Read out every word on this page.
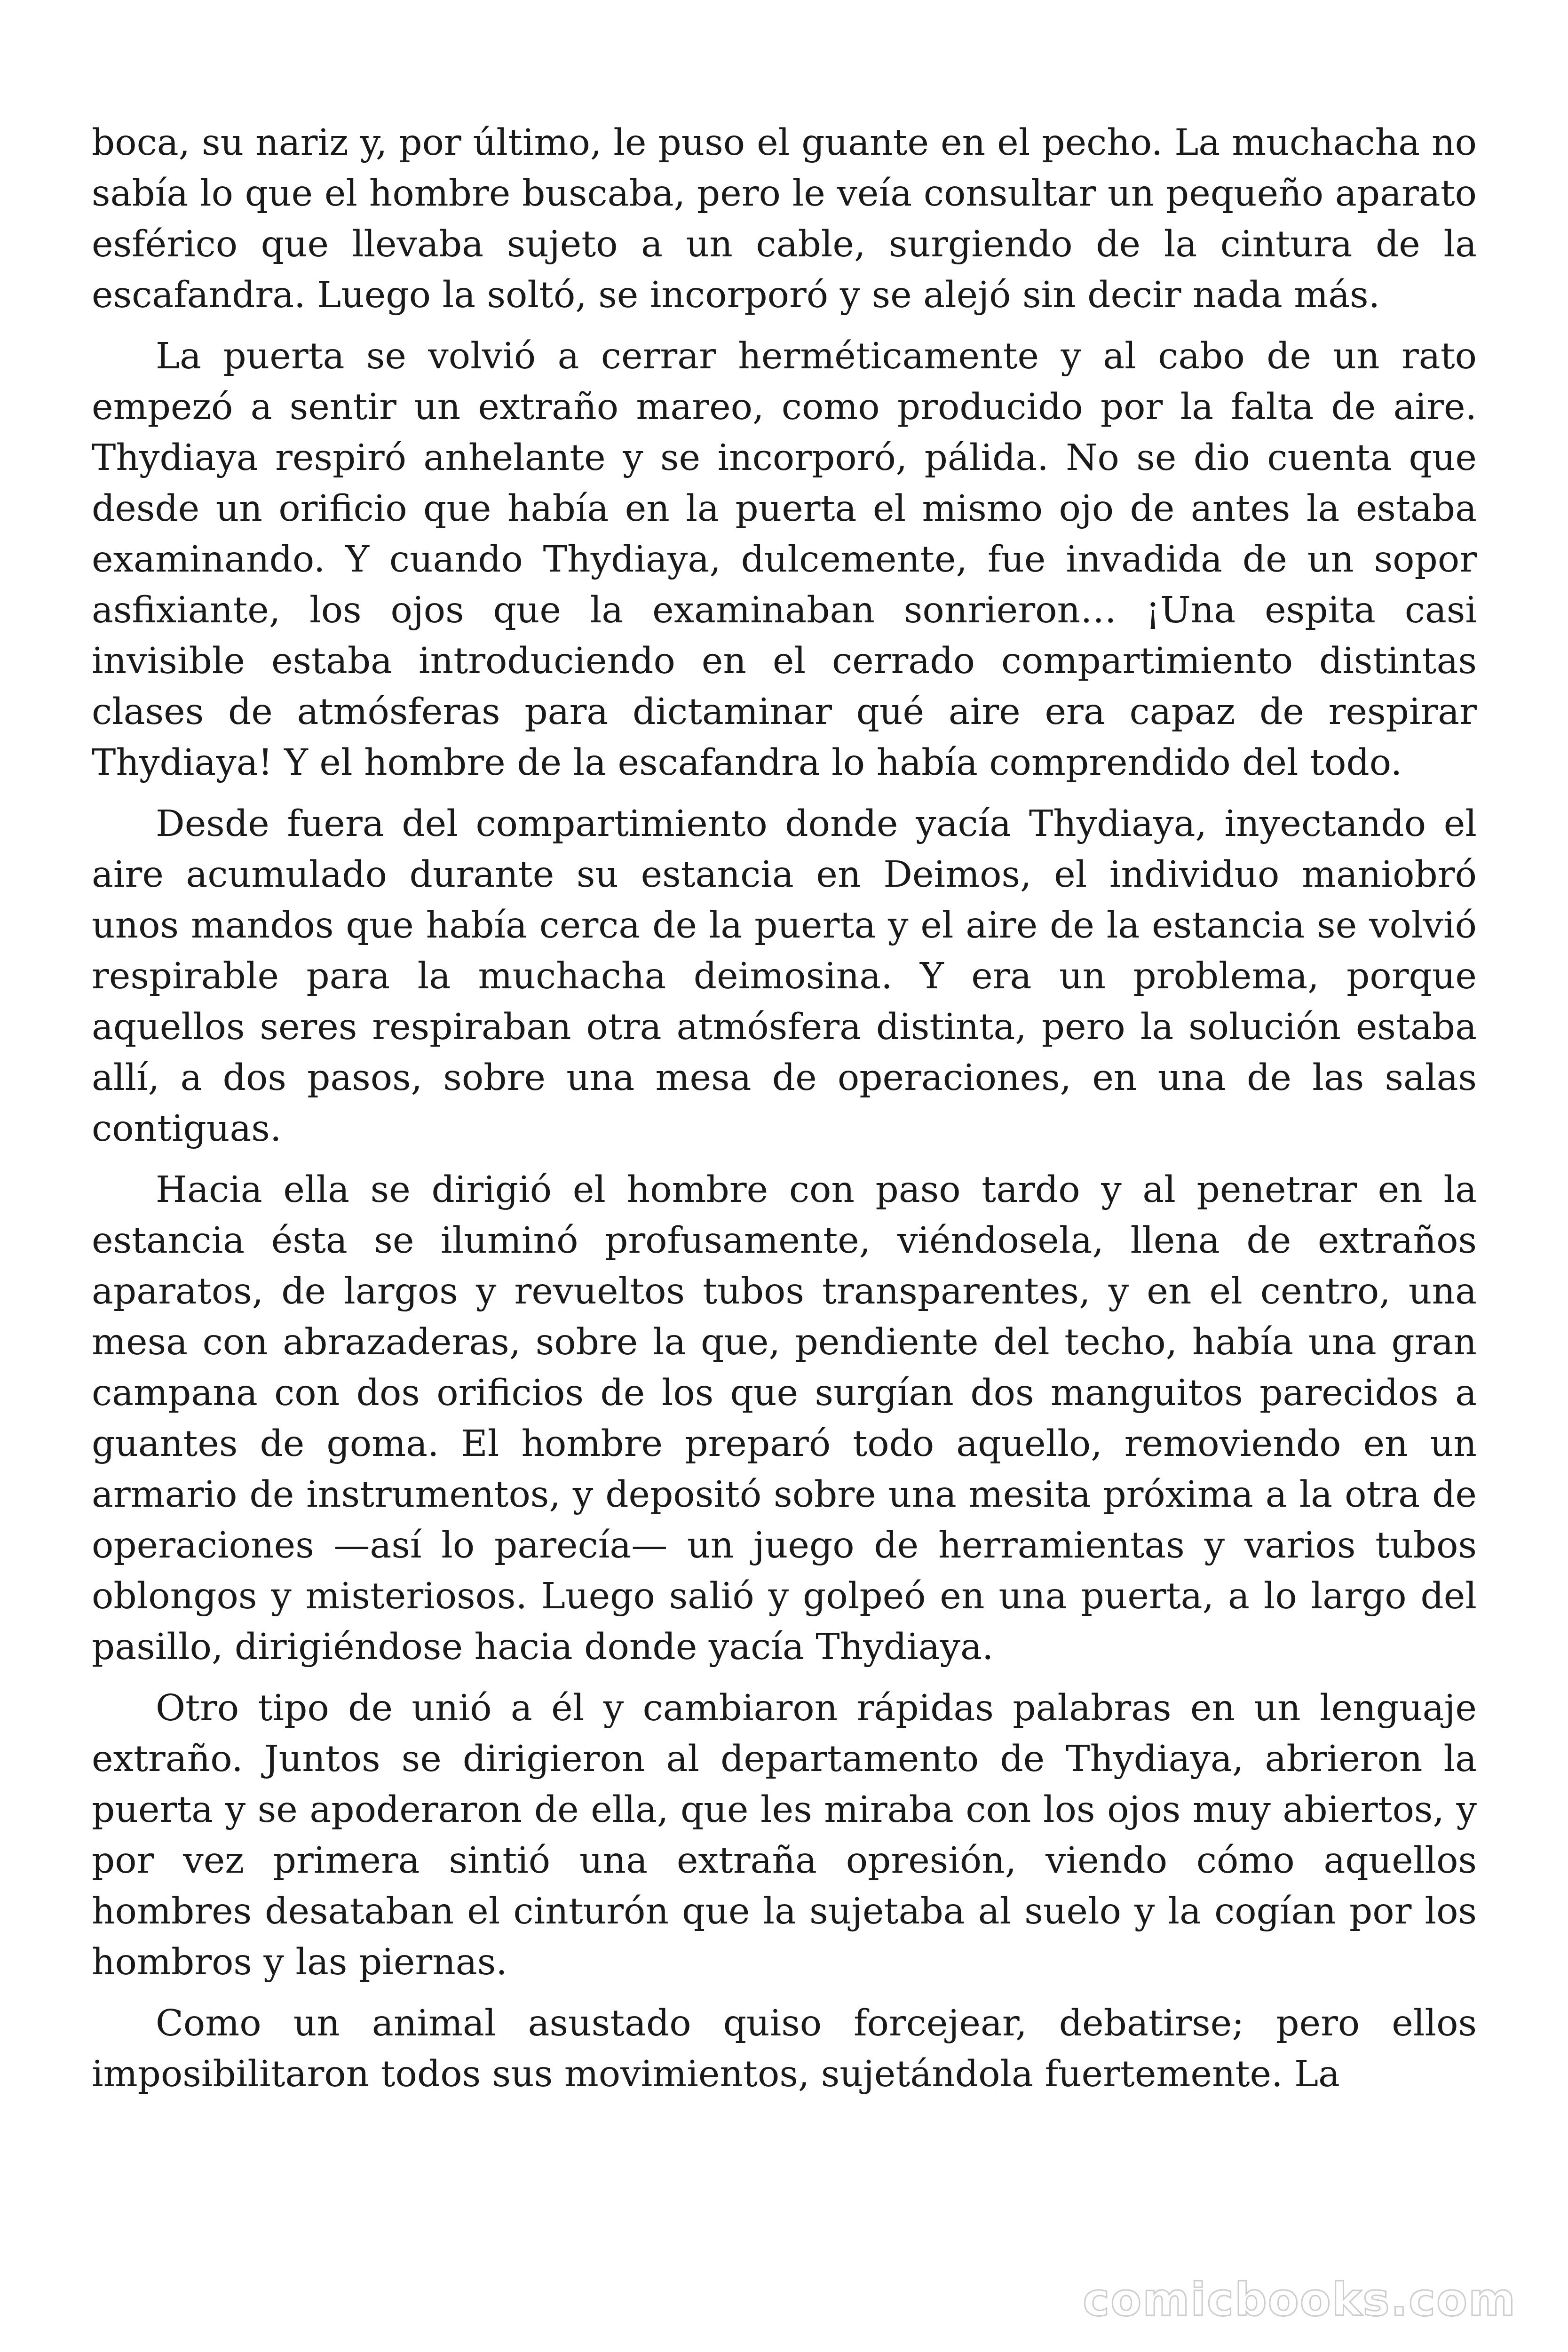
boca, su nariz y, por último, le puso el guante en el pecho. La muchacha no sabía lo que el hombre buscaba, pero le veía consultar un pequeño aparato esférico que llevaba sujeto a un cable, surgiendo de la cintura de la escafandra. Luego la soltó, se incorporó y se alejó sin decir nada más.

La puerta se volvió a cerrar herméticamente y al cabo de un rato empezó a sentir un extraño mareo, como producido por la falta de aire. Thydiaya respiró anhelante y se incorporó, pálida. No se dio cuenta que desde un orificio que había en la puerta el mismo ojo de antes la estaba examinando. Y cuando Thydiaya, dulcemente, fue invadida de un sopor asfixiante, los ojos que la examinaban sonrieron… ¡Una espita casi invisible estaba introduciendo en el cerrado compartimiento distintas clases de atmósferas para dictaminar qué aire era capaz de respirar Thydiaya! Y el hombre de la escafandra lo había comprendido del todo.

Desde fuera del compartimiento donde yacía Thydiaya, inyectando el aire acumulado durante su estancia en Deimos, el individuo maniobró unos mandos que había cerca de la puerta y el aire de la estancia se volvió respirable para la muchacha deimosina. Y era un problema, porque aquellos seres respiraban otra atmósfera distinta, pero la solución estaba allí, a dos pasos, sobre una mesa de operaciones, en una de las salas contiguas.

Hacia ella se dirigió el hombre con paso tardo y al penetrar en la estancia ésta se iluminó profusamente, viéndosela, llena de extraños aparatos, de largos y revueltos tubos transparentes, y en el centro, una mesa con abrazaderas, sobre la que, pendiente del techo, había una gran campana con dos orificios de los que surgían dos manguitos parecidos a guantes de goma. El hombre preparó todo aquello, removiendo en un armario de instrumentos, y depositó sobre una mesita próxima a la otra de operaciones —así lo parecía— un juego de herramientas y varios tubos oblongos y misteriosos. Luego salió y golpeó en una puerta, a lo largo del pasillo, dirigiéndose hacia donde yacía Thydiaya.

Otro tipo de unió a él y cambiaron rápidas palabras en un lenguaje extraño. Juntos se dirigieron al departamento de Thydiaya, abrieron la puerta y se apoderaron de ella, que les miraba con los ojos muy abiertos, y por vez primera sintió una extraña opresión, viendo cómo aquellos hombres desataban el cinturón que la sujetaba al suelo y la cogían por los hombros y las piernas.

Como un animal asustado quiso forcejear, debatirse; pero ellos imposibilitaron todos sus movimientos, sujetándola fuertemente. La

comicbooks.com
